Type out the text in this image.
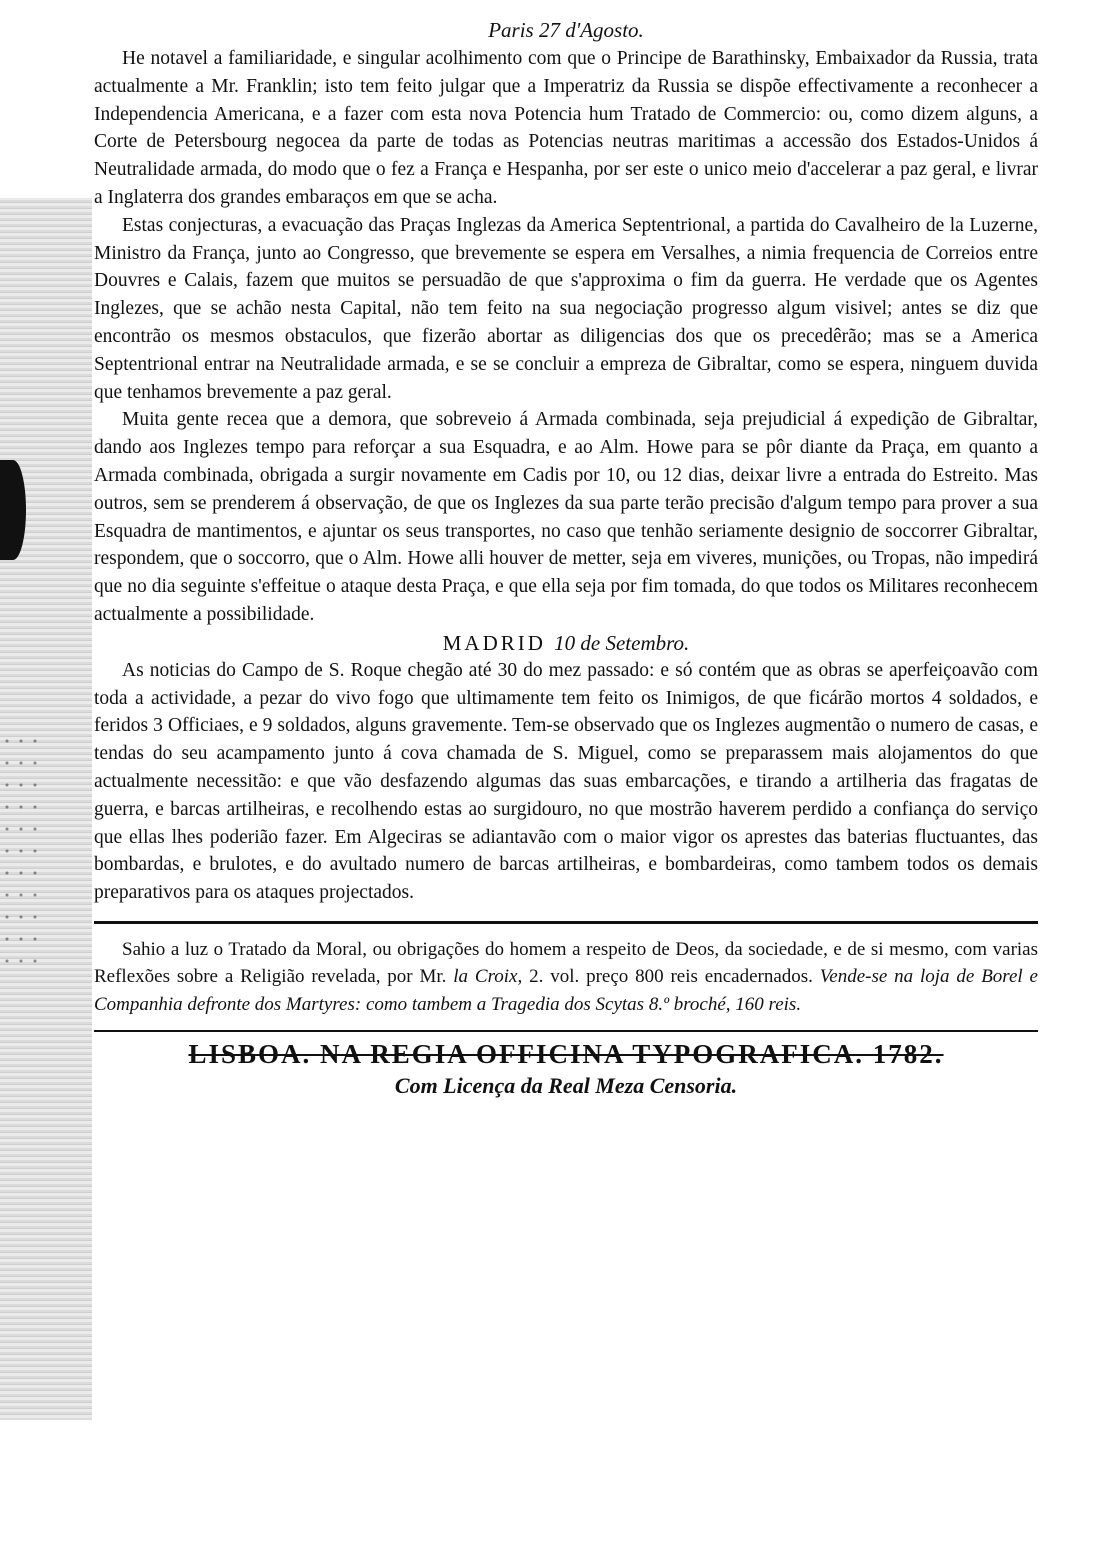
Paris 27 d'Agosto.

He notavel a familiaridade, e singular acolhimento com que o Principe de Barathinsky, Embaixador da Russia, trata actualmente a Mr. Franklin; isto tem feito julgar que a Imperatriz da Russia se dispõe effectivamente a reconhecer a Independencia Americana, e a fazer com esta nova Potencia hum Tratado de Commercio: ou, como dizem alguns, a Corte de Petersbourg negocea da parte de todas as Potencias neutras maritimas a accessão dos Estados-Unidos á Neutralidade armada, do modo que o fez a França e Hespanha, por ser este o unico meio d'accelerar a paz geral, e livrar a Inglaterra dos grandes embaraços em que se acha.

Estas conjecturas, a evacuação das Praças Inglezas da America Septentrional, a partida do Cavalheiro de la Luzerne, Ministro da França, junto ao Congresso, que brevemente se espera em Versalhes, a nimia frequencia de Correios entre Douvres e Calais, fazem que muitos se persuadão de que s'approxima o fim da guerra. He verdade que os Agentes Inglezes, que se achão nesta Capital, não tem feito na sua negociação progresso algum visivel; antes se diz que encontrão os mesmos obstaculos, que fizerão abortar as diligencias dos que os precedêrão; mas se a America Septentrional entrar na Neutralidade armada, e se se concluir a empreza de Gibraltar, como se espera, ninguem duvida que tenhamos brevemente a paz geral.

Muita gente receа que a demora, que sobreveio á Armada combinada, seja prejudicial á expedição de Gibraltar, dando aos Inglezes tempo para reforçar a sua Esquadra, e ao Alm. Howe para se pôr diante da Praça, em quanto a Armada combinada, obrigada a surgir novamente em Cadis por 10, ou 12 dias, deixar livre a entrada do Estreito. Mas outros, sem se prenderem á observação, de que os Inglezes da sua parte terão precisão d'algum tempo para prover a sua Esquadra de mantimentos, e ajuntar os seus transportes, no caso que tenhão seriamente designio de soccorrer Gibraltar, respondem, que o soccorro, que o Alm. Howe alli houver de metter, seja em viveres, munições, ou Tropas, não impedirá que no dia seguinte s'effeitue o ataque desta Praça, e que ella seja por fim tomada, do que todos os Militares reconhecem actualmente a possibilidade.

MADRID 10 de Setembro.

As noticias do Campo de S. Roque chegão até 30 do mez passado: e só contém que as obras se aperfeiçoavão com toda a actividade, a pezar do vivo fogo que ultimamente tem feito os Inimigos, de que ficárão mortos 4 soldados, e feridos 3 Officiaes, e 9 soldados, alguns gravemente. Tem-se observado que os Inglezes augmentão o numero de casas, e tendas do seu acampamento junto á cova chamada de S. Miguel, como se preparassem mais alojamentos do que actualmente necessitão: e que vão desfazendo algumas das suas embarcações, e tirando a artilheria das fragatas de guerra, e barcas artilheiras, e recolhendo estas ao surgidouro, no que mostrão haverem perdido a confiança do serviço que ellas lhes poderião fazer. Em Algeciras se adiantavão com o maior vigor os aprestes das baterias fluctuantes, das bombardas, e brulotes, e do avultado numero de barcas artilheiras, e bombardeiras, como tambem todos os demais preparativos para os ataques projectados.

Sahio a luz o Tratado da Moral, ou obrigações do homem a respeito de Deos, da sociedade, e de si mesmo, com varias Reflexões sobre a Religião revelada, por Mr. la Croix, 2. vol. preço 800 reis encadernados. Vende-se na loja de Borel e Companhia defronte dos Martyres: como tambem a Tragedia dos Scytas 8.º broché, 160 reis.

LISBOA. NA REGIA OFFICINA TYPOGRAFICA. 1782.

Com Licença da Real Meza Censoria.
